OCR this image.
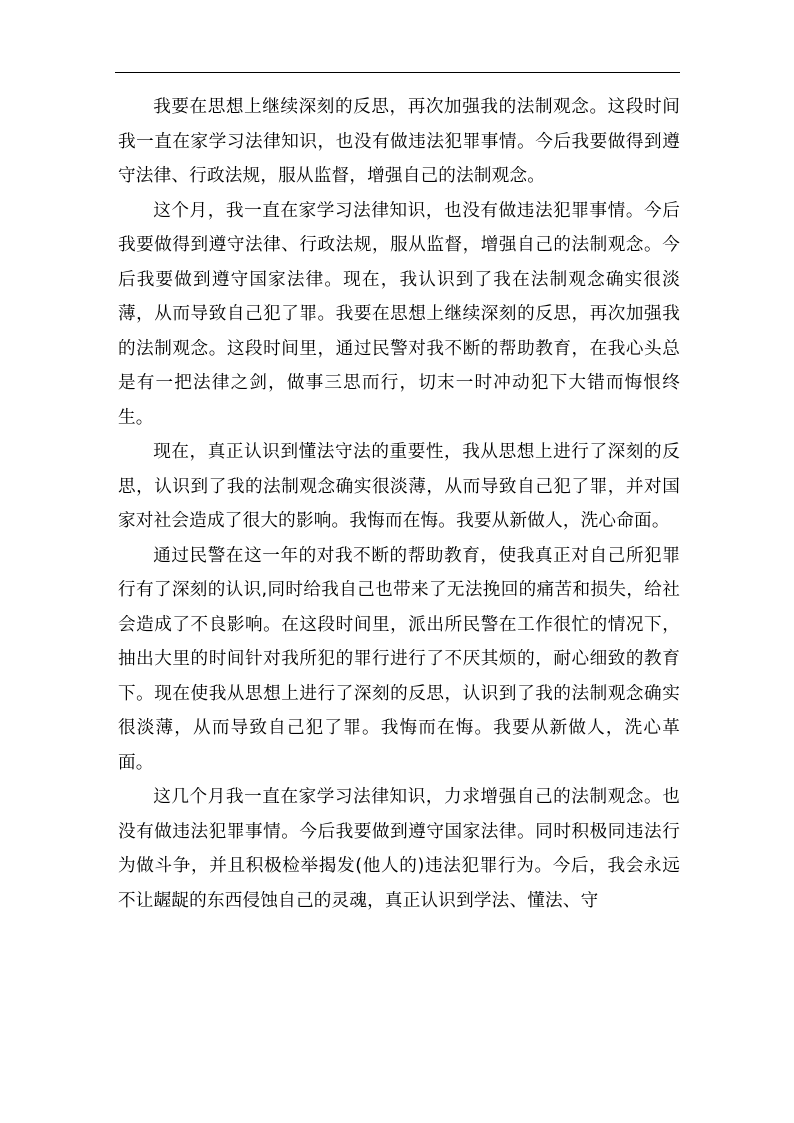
我要在思想上继续深刻的反思，再次加强我的法制观念。这段时间我一直在家学习法律知识，也没有做违法犯罪事情。今后我要做得到遵守法律、行政法规，服从监督，增强自己的法制观念。

这个月，我一直在家学习法律知识，也没有做违法犯罪事情。今后我要做得到遵守法律、行政法规，服从监督，增强自己的法制观念。今后我要做到遵守国家法律。现在，我认识到了我在法制观念确实很淡薄，从而导致自己犯了罪。我要在思想上继续深刻的反思，再次加强我的法制观念。这段时间里，通过民警对我不断的帮助教育，在我心头总是有一把法律之剑，做事三思而行，切末一时冲动犯下大错而悔恨终生。

现在，真正认识到懂法守法的重要性，我从思想上进行了深刻的反思，认识到了我的法制观念确实很淡薄，从而导致自己犯了罪，并对国家对社会造成了很大的影响。我悔而在悔。我要从新做人，洗心命面。

通过民警在这一年的对我不断的帮助教育，使我真正对自己所犯罪行有了深刻的认识,同时给我自己也带来了无法挽回的痛苦和损失，给社会造成了不良影响。在这段时间里，派出所民警在工作很忙的情况下，抽出大里的时间针对我所犯的罪行进行了不厌其烦的，耐心细致的教育下。现在使我从思想上进行了深刻的反思，认识到了我的法制观念确实很淡薄，从而导致自己犯了罪。我悔而在悔。我要从新做人，洗心革面。

这几个月我一直在家学习法律知识，力求增强自己的法制观念。也没有做违法犯罪事情。今后我要做到遵守国家法律。同时积极同违法行为做斗争，并且积极检举揭发(他人的)违法犯罪行为。今后，我会永远不让龌龊的东西侵蚀自己的灵魂，真正认识到学法、懂法、守
